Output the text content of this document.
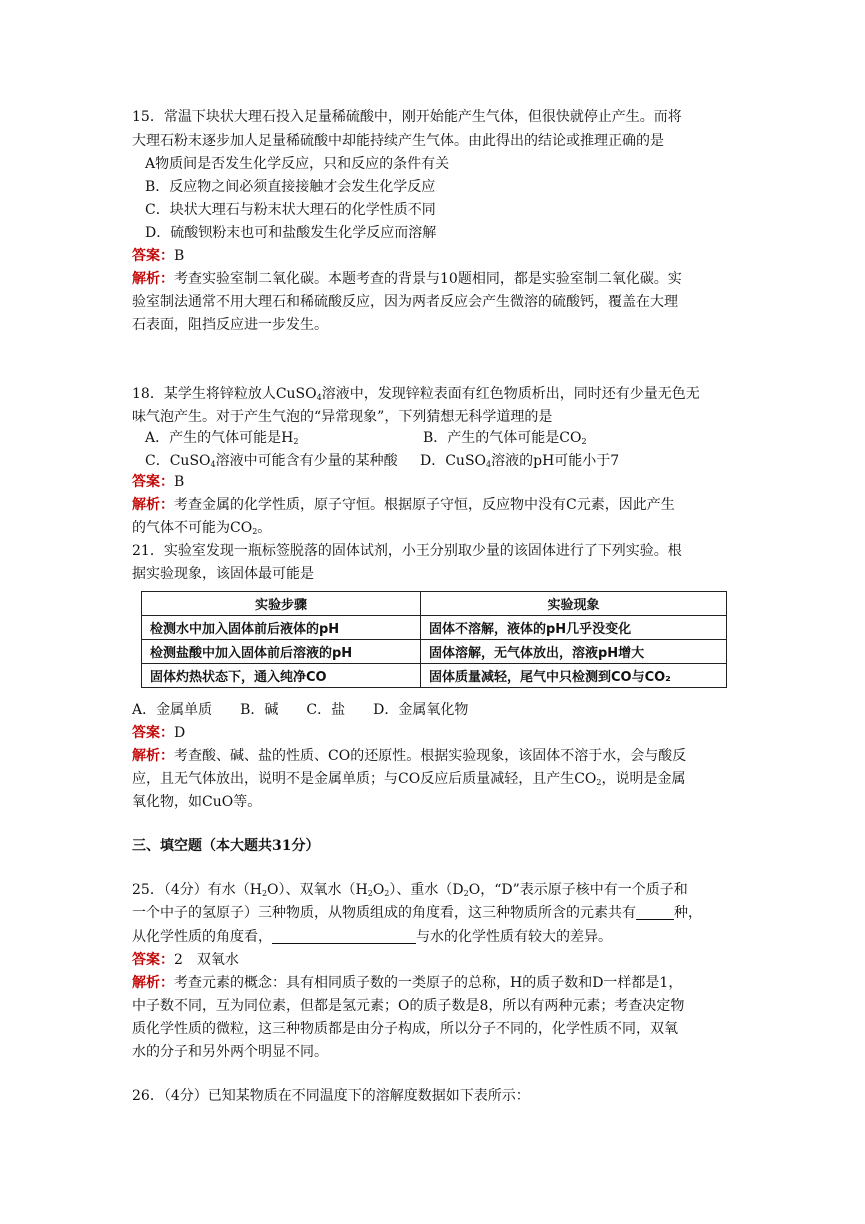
15．常温下块状大理石投入足量稀硫酸中，刚开始能产生气体，但很快就停止产生。而将
大理石粉末逐步加人足量稀硫酸中却能持续产生气体。由此得出的结论或推理正确的是
A物质间是否发生化学反应，只和反应的条件有关
B．反应物之间必须直接接触才会发生化学反应
C．块状大理石与粉末状大理石的化学性质不同
D．硫酸钡粉末也可和盐酸发生化学反应而溶解
答案：B
解析：考查实验室制二氧化碳。本题考查的背景与10题相同，都是实验室制二氧化碳。实
验室制法通常不用大理石和稀硫酸反应，因为两者反应会产生微溶的硫酸钙，覆盖在大理
石表面，阻挡反应进一步发生。
18．某学生将锌粒放人CuSO$_4$溶液中，发现锌粒表面有红色物质析出，同时还有少量无色无
味气泡产生。对于产生气泡的“异常现象”，下列猜想无科学道理的是
A．产生的气体可能是$H_2$	B．产生的气体可能是$CO_2$
C．CuSO$_4$溶液中可能含有少量的某种酸 D．CuSO$_4$溶液的pH可能小于7
答案：B
解析：考查金属的化学性质，原子守恒。根据原子守恒，反应物中没有C元素，因此产生
的气体不可能为$CO_2$。
21．实验室发现一瓶标签脱落的固体试剂，小王分别取少量的该固体进行了下列实验。根
据实验现象，该固体最可能是
实验步骤	实验现象
检测水中加入固体前后液体的pH	固体不溶解，液体的pH几乎没变化
检测盐酸中加入固体前后溶液的pH	固体溶解，无气体放出，溶液pH增大
固体灼热状态下，通入纯净CO	固体质量减轻，尾气中只检测到CO与CO₂
A．金属单质　　B．碱　　C．盐　　D．金属氧化物
答案：D
解析：考查酸、碱、盐的性质、CO的还原性。根据实验现象，该固体不溶于水，会与酸反
应，且无气体放出，说明不是金属单质；与CO反应后质量减轻，且产生$CO_2$，说明是金属
氧化物，如CuO等。
三、填空题（本大题共31分）
25．（4分）有水$(H_2O)$、双氧水$(H_2O_2)$、重水（$D_2O$，“D”表示原子核中有一个质子和
一个中子的氢原子）三种物质，从物质组成的角度看，这三种物质所含的元素共有	种，
从化学性质的角度看，	与水的化学性质有较大的差异。
答案：2　双氧水
解析：考查元素的概念：具有相同质子数的一类原子的总称，H的质子数和D一样都是1，
中子数不同，互为同位素，但都是氢元素；O的质子数是8，所以有两种元素；考查决定物
质化学性质的微粒，这三种物质都是由分子构成，所以分子不同的，化学性质不同，双氧
水的分子和另外两个明显不同。
26．（4分）已知某物质在不同温度下的溶解度数据如下表所示：
